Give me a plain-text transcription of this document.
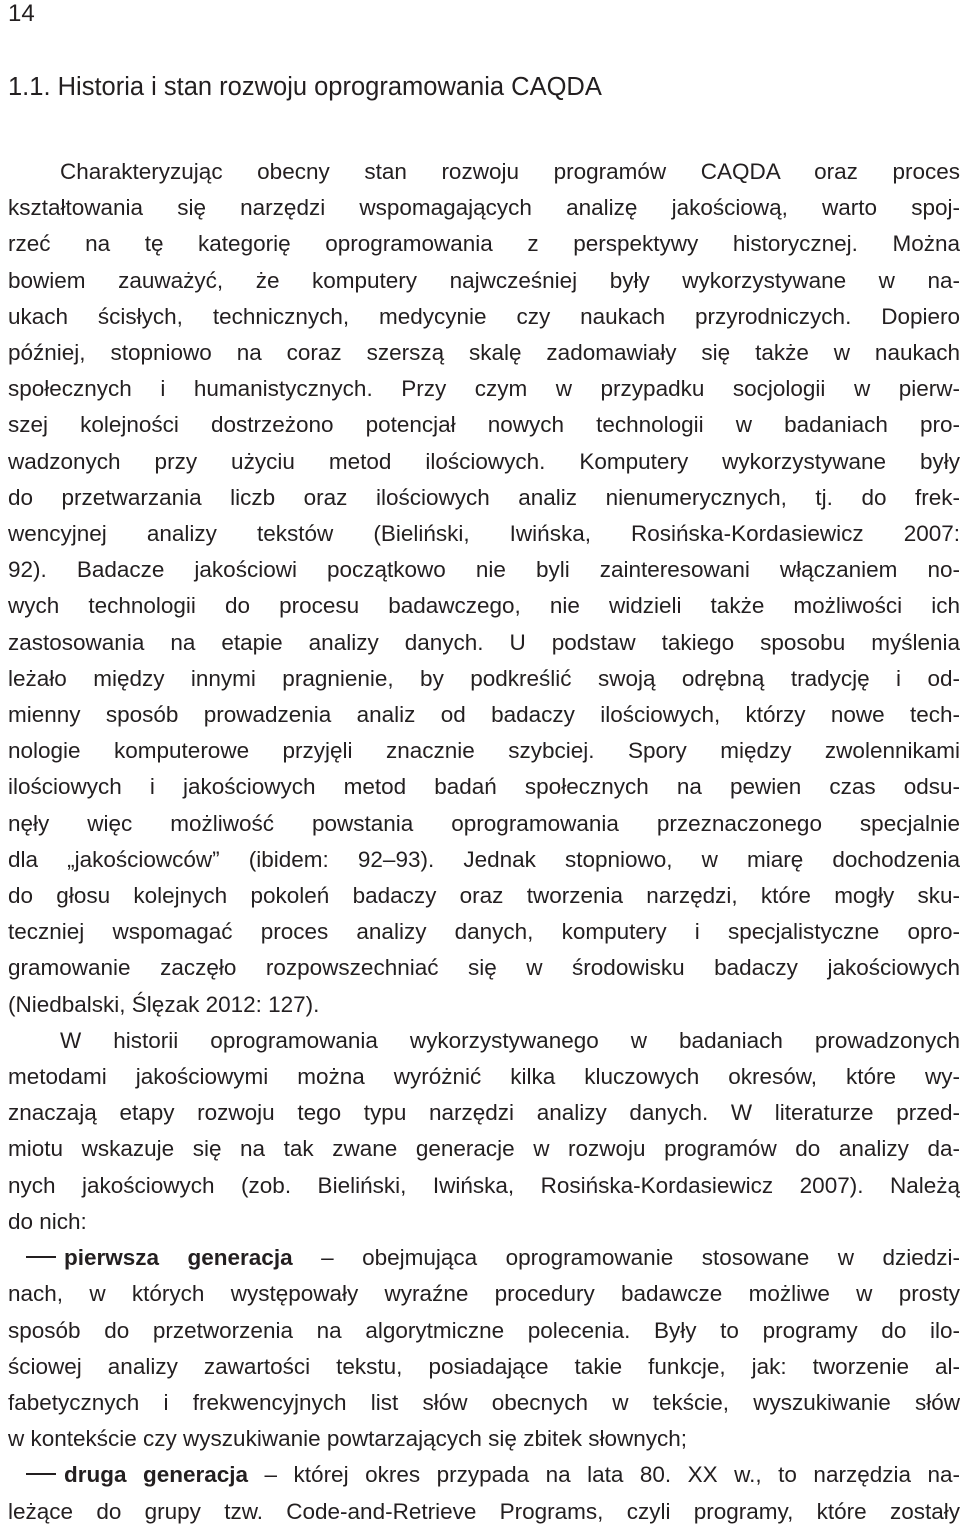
14
1.1. Historia i stan rozwoju oprogramowania CAQDA
Charakteryzując obecny stan rozwoju programów CAQDA oraz proces
kształtowania się narzędzi wspomagających analizę jakościową, warto spoj-
rzeć na tę kategorię oprogramowania z perspektywy historycznej. Można
bowiem zauważyć, że komputery najwcześniej były wykorzystywane w na-
ukach ścisłych, technicznych, medycynie czy naukach przyrodniczych. Dopiero
później, stopniowo na coraz szerszą skalę zadomawiały się także w naukach
społecznych i humanistycznych. Przy czym w przypadku socjologii w pierw-
szej kolejności dostrzeżono potencjał nowych technologii w badaniach pro-
wadzonych przy użyciu metod ilościowych. Komputery wykorzystywane były
do przetwarzania liczb oraz ilościowych analiz nienumerycznych, tj. do frek-
wencyjnej analizy tekstów (Bieliński, Iwińska, Rosińska-Kordasiewicz 2007:
92). Badacze jakościowi początkowo nie byli zainteresowani włączaniem no-
wych technologii do procesu badawczego, nie widzieli także możliwości ich
zastosowania na etapie analizy danych. U podstaw takiego sposobu myślenia
leżało między innymi pragnienie, by podkreślić swoją odrębną tradycję i od-
mienny sposób prowadzenia analiz od badaczy ilościowych, którzy nowe tech-
nologie komputerowe przyjęli znacznie szybciej. Spory między zwolennikami
ilościowych i jakościowych metod badań społecznych na pewien czas odsu-
nęły więc możliwość powstania oprogramowania przeznaczonego specjalnie
dla „jakościowców” (ibidem: 92–93). Jednak stopniowo, w miarę dochodzenia
do głosu kolejnych pokoleń badaczy oraz tworzenia narzędzi, które mogły sku-
teczniej wspomagać proces analizy danych, komputery i specjalistyczne opro-
gramowanie zaczęło rozpowszechniać się w środowisku badaczy jakościowych
(Niedbalski, Ślęzak 2012: 127).
W historii oprogramowania wykorzystywanego w badaniach prowadzonych
metodami jakościowymi można wyróżnić kilka kluczowych okresów, które wy-
znaczają etapy rozwoju tego typu narzędzi analizy danych. W literaturze przed-
miotu wskazuje się na tak zwane generacje w rozwoju programów do analizy da-
nych jakościowych (zob. Bieliński, Iwińska, Rosińska-Kordasiewicz 2007). Należą
do nich:
pierwsza generacja – obejmująca oprogramowanie stosowane w dziedzi-
nach, w których występowały wyraźne procedury badawcze możliwe w prosty
sposób do przetworzenia na algorytmiczne polecenia. Były to programy do ilo-
ściowej analizy zawartości tekstu, posiadające takie funkcje, jak: tworzenie al-
fabetycznych i frekwencyjnych list słów obecnych w tekście, wyszukiwanie słów
w kontekście czy wyszukiwanie powtarzających się zbitek słownych;
druga generacja – której okres przypada na lata 80. XX w., to narzędzia na-
leżące do grupy tzw. Code-and-Retrieve Programs, czyli programy, które zostały
